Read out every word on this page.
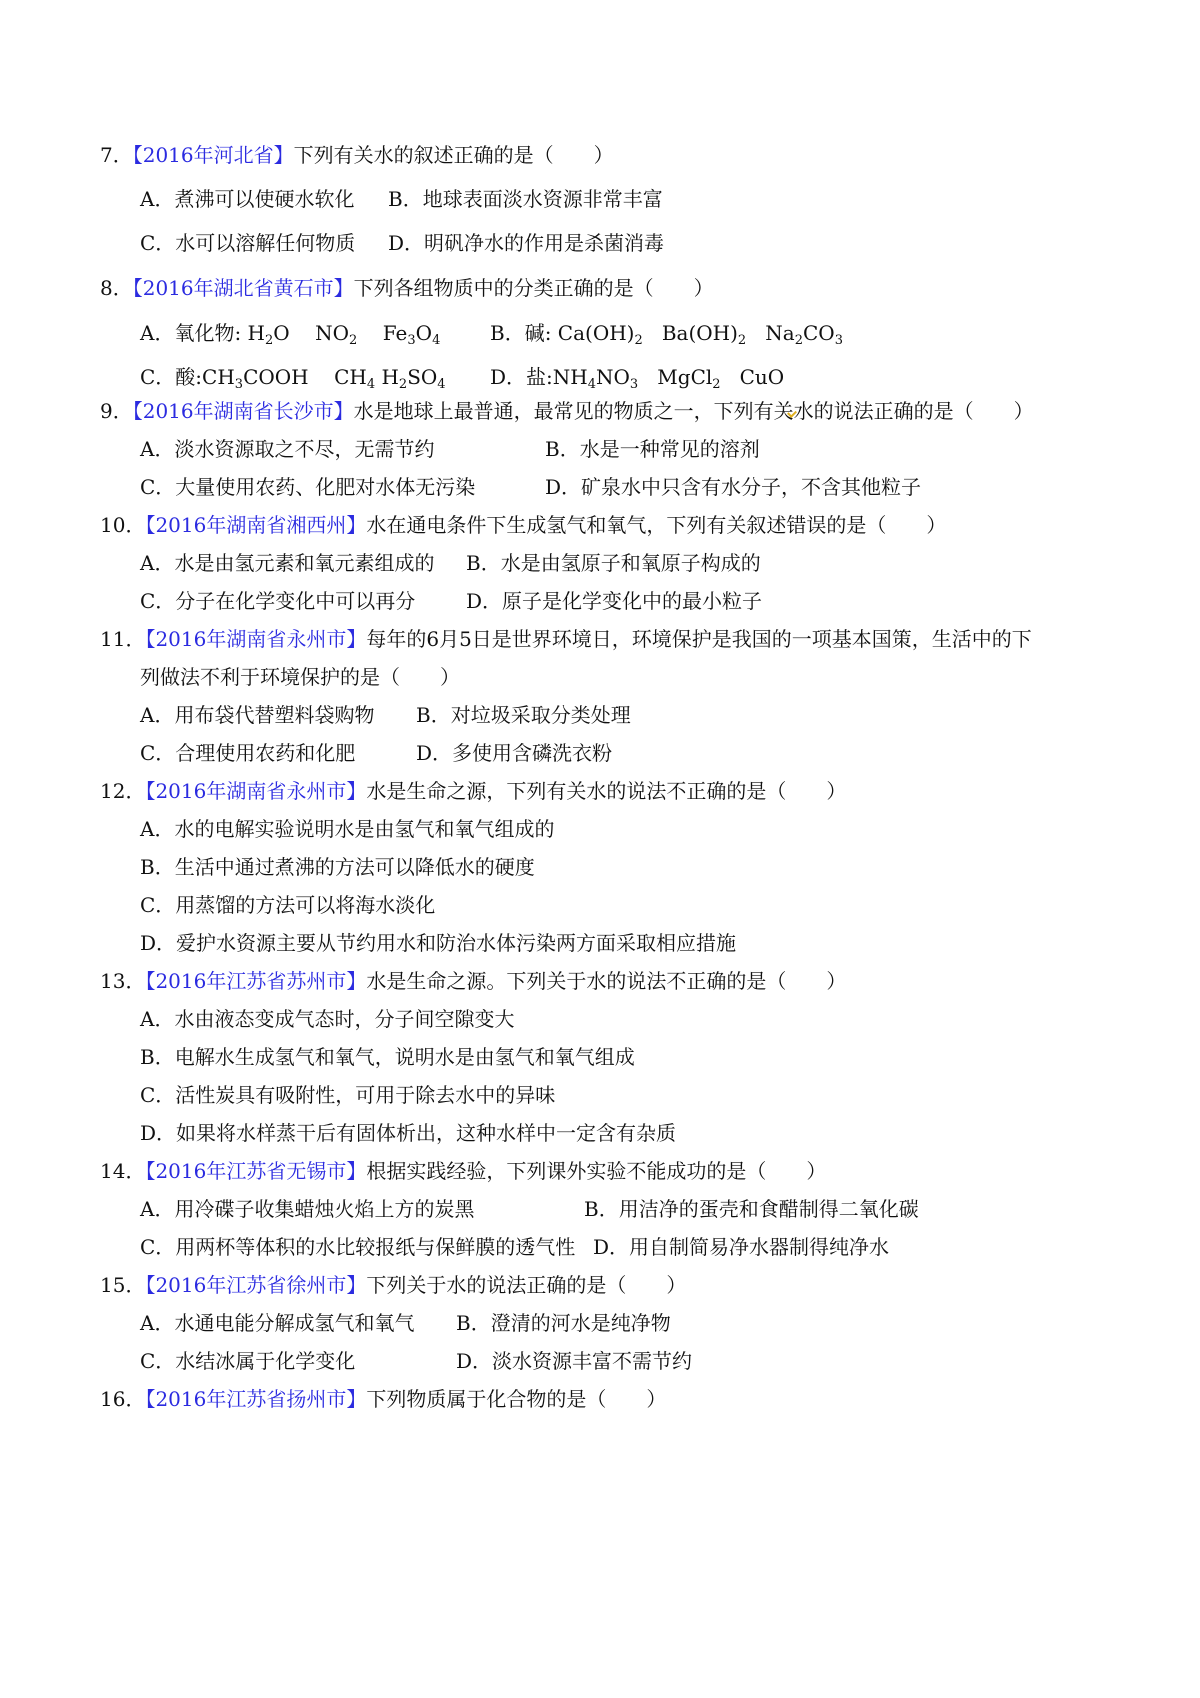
7．【2016年河北省】下列有关水的叙述正确的是（　　）
A．煮沸可以使硬水软化 B．地球表面淡水资源非常丰富
C．水可以溶解任何物质 D．明矾净水的作用是杀菌消毒
8．【2016年湖北省黄石市】下列各组物质中的分类正确的是（　　）
A．氧化物: $H_2O$ $NO_2$ $Fe_3O_4$ B．碱: $Ca(OH)_2$ $Ba(OH)_2$ $Na_2CO_3$
C．酸$:CH_3COOH$ $CH_4$ $H_2SO_4$ D．盐$:NH_4NO_3$ MgCl$_2$ CuO
9．【2016年湖南省长沙市】水是地球上最普通，最常见的物质之一，下列有关水的说法正确的是（　　）
A．淡水资源取之不尽，无需节约	B．水是一种常见的溶剂
C．大量使用农药、化肥对水体无污染	D．矿泉水中只含有水分子，不含其他粒子
10．【2016年湖南省湘西州】水在通电条件下生成氢气和氧气，下列有关叙述错误的是（　　）
A．水是由氢元素和氧元素组成的 B．水是由氢原子和氧原子构成的
C．分子在化学变化中可以再分	D．原子是化学变化中的最小粒子
11．【2016年湖南省永州市】每年的6月5日是世界环境日，环境保护是我国的一项基本国策，生活中的下
列做法不利于环境保护的是（　　）
A．用布袋代替塑料袋购物 B．对垃圾采取分类处理
C．合理使用农药和化肥	D．多使用含磷洗衣粉
12．【2016年湖南省永州市】水是生命之源，下列有关水的说法不正确的是（　　）
A．水的电解实验说明水是由氢气和氧气组成的
B．生活中通过煮沸的方法可以降低水的硬度
C．用蒸馏的方法可以将海水淡化
D．爱护水资源主要从节约用水和防治水体污染两方面采取相应措施
13．【2016年江苏省苏州市】水是生命之源。下列关于水的说法不正确的是（　　）
A．水由液态变成气态时，分子间空隙变大
B．电解水生成氢气和氧气，说明水是由氢气和氧气组成
C．活性炭具有吸附性，可用于除去水中的异味
D．如果将水样蒸干后有固体析出，这种水样中一定含有杂质
14．【2016年江苏省无锡市】根据实践经验，下列课外实验不能成功的是（　　）
A．用冷碟子收集蜡烛火焰上方的炭黑	B．用洁净的蛋壳和食醋制得二氧化碳
C．用两杯等体积的水比较报纸与保鲜膜的透气性 D．用自制简易净水器制得纯净水
15．【2016年江苏省徐州市】下列关于水的说法正确的是（　　）
A．水通电能分解成氢气和氧气 B．澄清的河水是纯净物
C．水结冰属于化学变化	D．淡水资源丰富不需节约
16．【2016年江苏省扬州市】下列物质属于化合物的是（　　）
